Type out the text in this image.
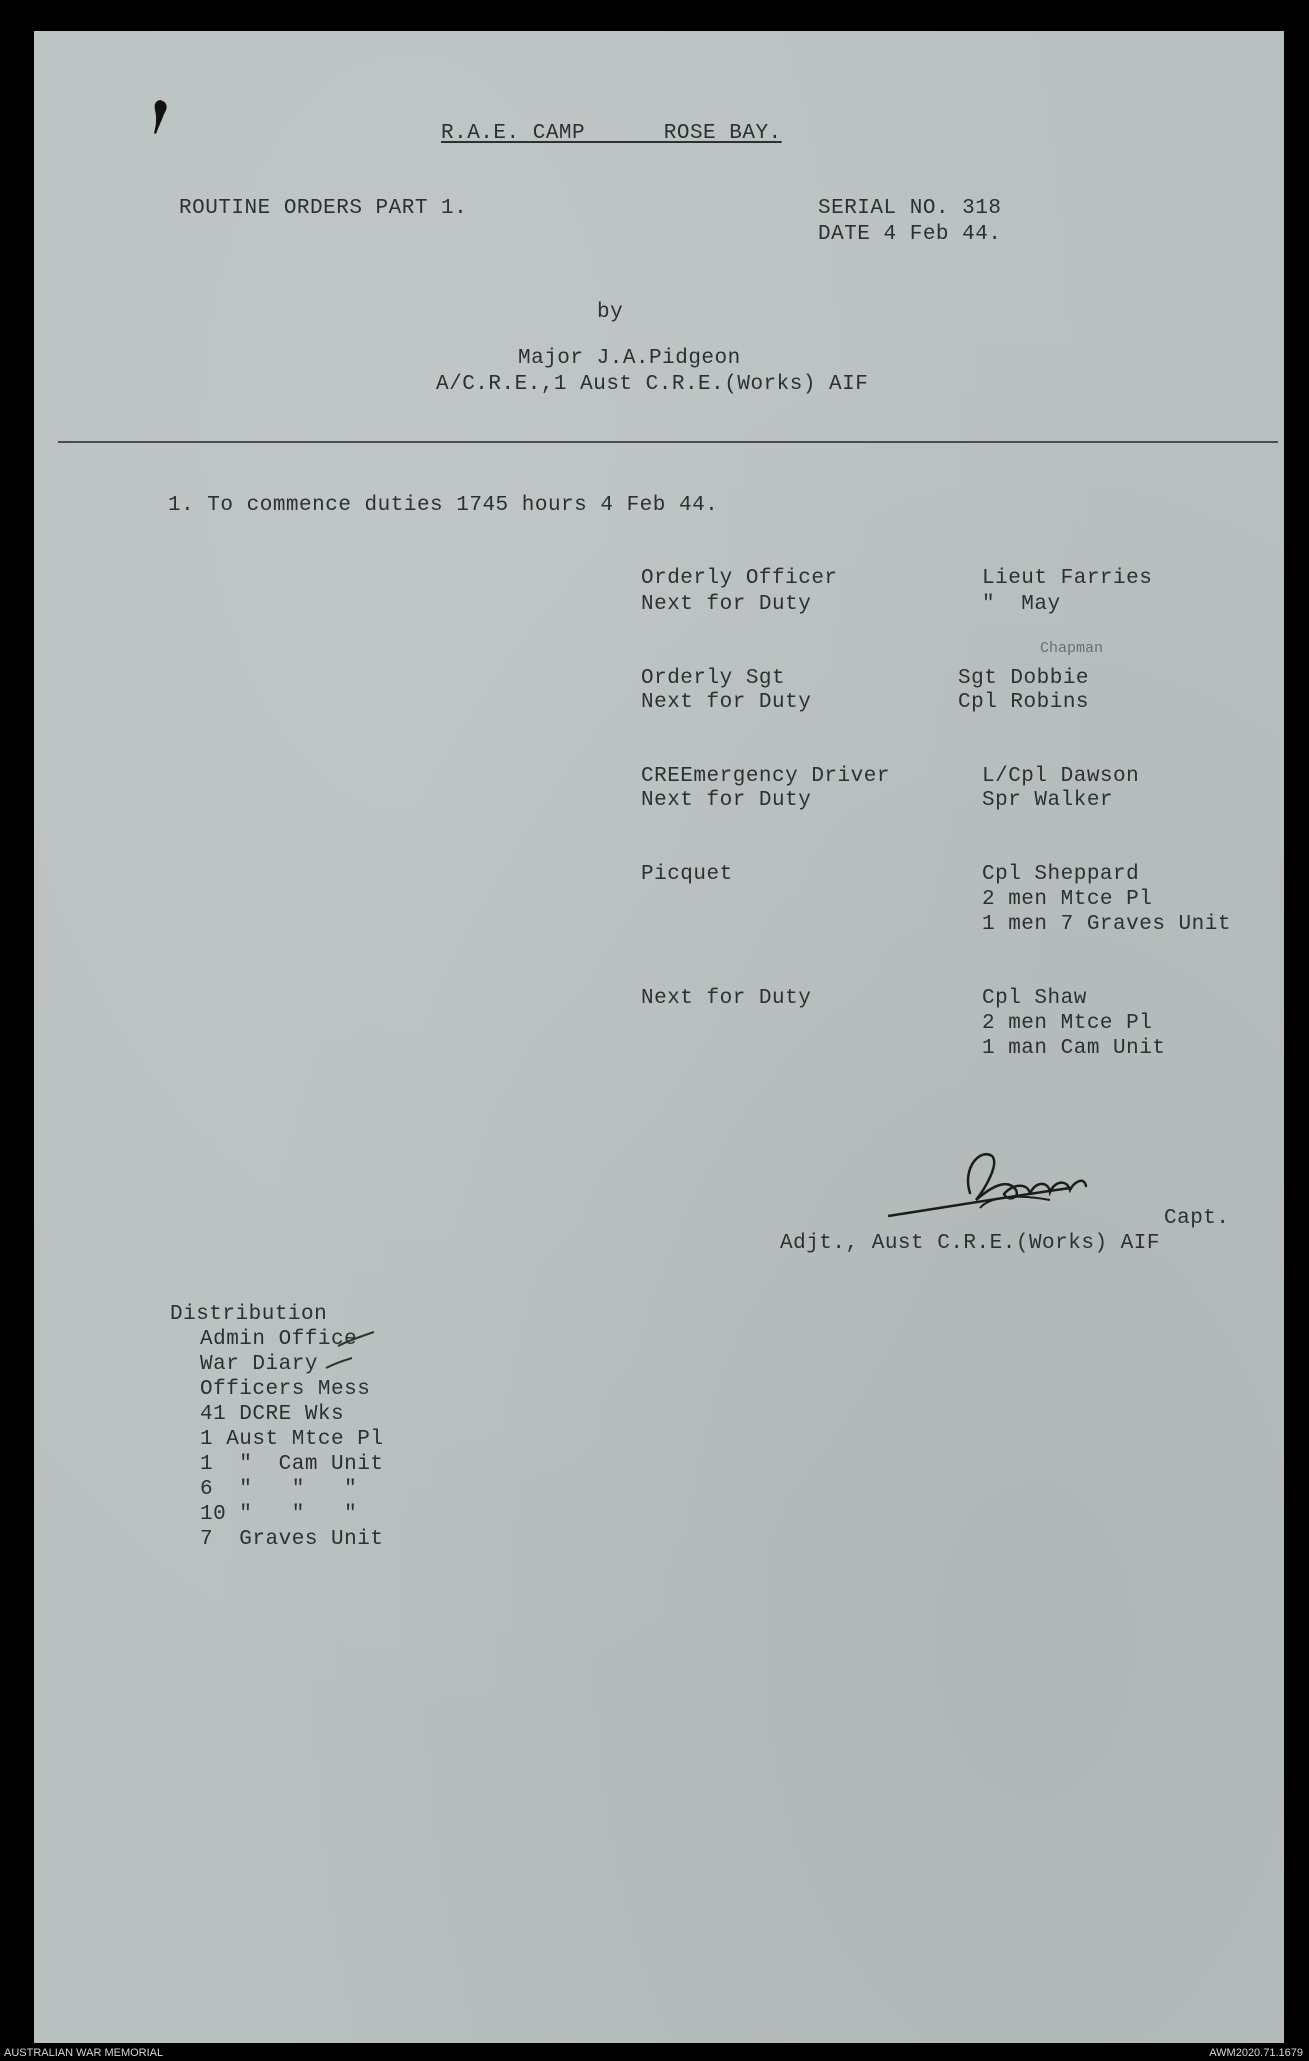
R.A.E. CAMP      ROSE BAY.
ROUTINE ORDERS PART 1.	SERIAL NO. 318
DATE 4 Feb 44.
by
Major J.A.Pidgeon
A/C.R.E.,1 Aust C.R.E.(Works) AIF
1. To commence duties 1745 hours 4 Feb 44.
Orderly Officer	Lieut Farries
Next for Duty	"  May
Orderly Sgt	Sgt Dobbie
Next for Duty	Cpl Robins
CREEmergency Driver	L/Cpl Dawson
Next for Duty	Spr Walker
Picquet	Cpl Sheppard
2 men Mtce Pl
1 men 7 Graves Unit
Next for Duty	Cpl Shaw
2 men Mtce Pl
1 man Cam Unit
Chapman
Capt.
Adjt., Aust C.R.E.(Works) AIF
Distribution
Admin Office
War Diary
Officers Mess
41 DCRE Wks
1 Aust Mtce Pl
1  "  Cam Unit
6  "   "   "
10 "   "   "
7  Graves Unit
AUSTRALIAN WAR MEMORIAL	AWM2020.71.1679
